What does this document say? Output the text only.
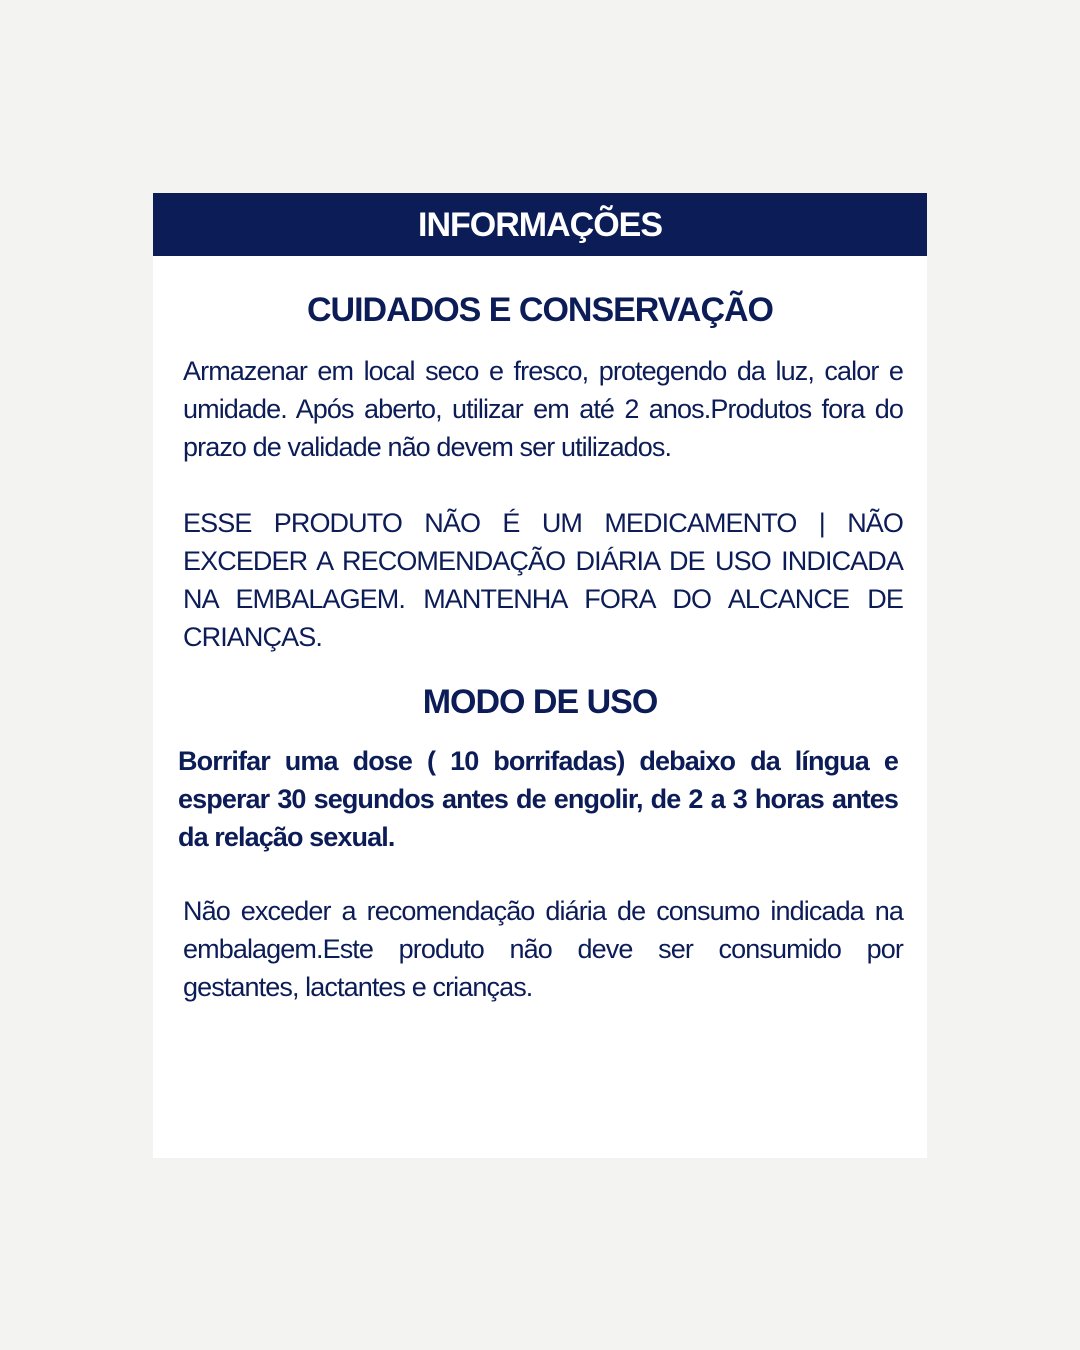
INFORMAÇÕES
CUIDADOS E CONSERVAÇÃO

Armazenar em local seco e fresco, protegendo da luz, calor e umidade. Após aberto, utilizar em até 2 anos.Produtos fora do prazo de validade não devem ser utilizados.

ESSE PRODUTO NÃO É UM MEDICAMENTO | NÃO EXCEDER A RECOMENDAÇÃO DIÁRIA DE USO INDICADA NA EMBALAGEM. MANTENHA FORA DO ALCANCE DE CRIANÇAS.

MODO DE USO

Borrifar uma dose ( 10 borrifadas) debaixo da língua e esperar 30 segundos antes de engolir, de 2 a 3 horas antes da relação sexual.

Não exceder a recomendação diária de consumo indicada na embalagem.Este produto não deve ser consumido por gestantes, lactantes e crianças.
